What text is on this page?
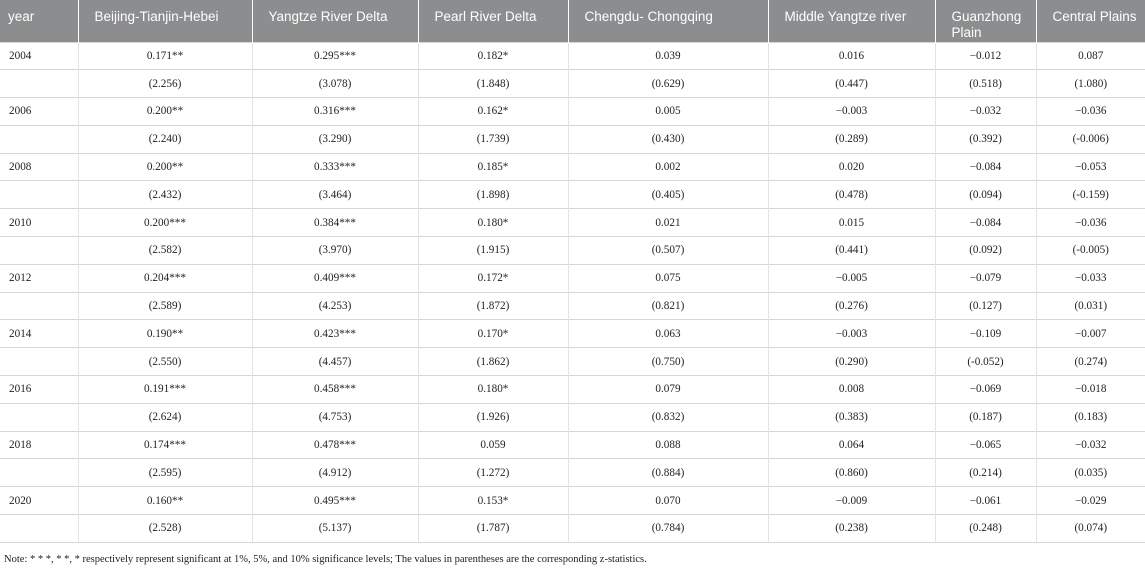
year	Beijing-Tianjin-Hebei	Yangtze River Delta	Pearl River Delta	Chengdu- Chongqing	Middle Yangtze river	Guanzhong Plain	Central Plains
2004	0.171**	0.295***	0.182*	0.039	0.016	−0.012	0.087
	(2.256)	(3.078)	(1.848)	(0.629)	(0.447)	(0.518)	(1.080)
2006	0.200**	0.316***	0.162*	0.005	−0.003	−0.032	−0.036
	(2.240)	(3.290)	(1.739)	(0.430)	(0.289)	(0.392)	(-0.006)
2008	0.200**	0.333***	0.185*	0.002	0.020	−0.084	−0.053
	(2.432)	(3.464)	(1.898)	(0.405)	(0.478)	(0.094)	(-0.159)
2010	0.200***	0.384***	0.180*	0.021	0.015	−0.084	−0.036
	(2.582)	(3.970)	(1.915)	(0.507)	(0.441)	(0.092)	(-0.005)
2012	0.204***	0.409***	0.172*	0.075	−0.005	−0.079	−0.033
	(2.589)	(4.253)	(1.872)	(0.821)	(0.276)	(0.127)	(0.031)
2014	0.190**	0.423***	0.170*	0.063	−0.003	−0.109	−0.007
	(2.550)	(4.457)	(1.862)	(0.750)	(0.290)	(-0.052)	(0.274)
2016	0.191***	0.458***	0.180*	0.079	0.008	−0.069	−0.018
	(2.624)	(4.753)	(1.926)	(0.832)	(0.383)	(0.187)	(0.183)
2018	0.174***	0.478***	0.059	0.088	0.064	−0.065	−0.032
	(2.595)	(4.912)	(1.272)	(0.884)	(0.860)	(0.214)	(0.035)
2020	0.160**	0.495***	0.153*	0.070	−0.009	−0.061	−0.029
	(2.528)	(5.137)	(1.787)	(0.784)	(0.238)	(0.248)	(0.074)
Note: * * *, * *, * respectively represent significant at 1%, 5%, and 10% significance levels; The values in parentheses are the corresponding z-statistics.
